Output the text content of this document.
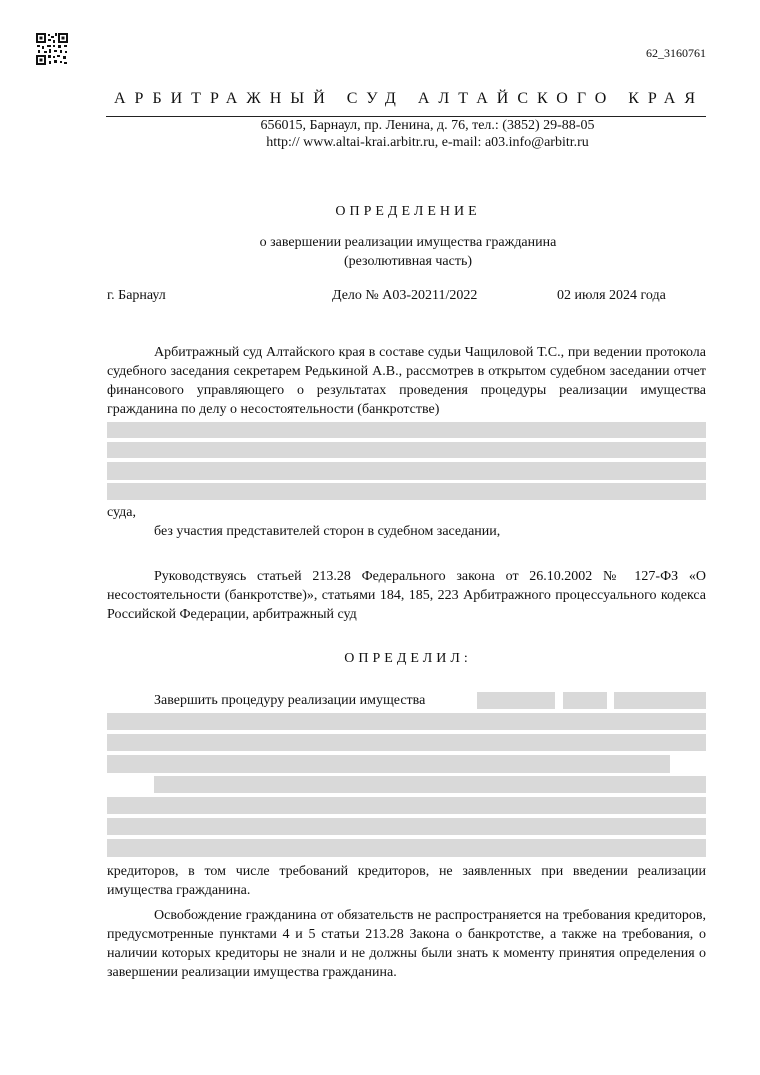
62_3160761
АРБИТРАЖНЫЙ СУД АЛТАЙСКОГО КРАЯ
656015, Барнаул, пр. Ленина, д. 76, тел.: (3852) 29-88-05
http:// www.altai-krai.arbitr.ru, e-mail: a03.info@arbitr.ru
ОПРЕДЕЛЕНИЕ
о завершении реализации имущества гражданина
(резолютивная часть)
г. Барнаул	Дело № А03-20211/2022	02 июля 2024 года
Арбитражный суд Алтайского края в составе судьи Чащиловой Т.С., при ведении протокола судебного заседания секретарем Редькиной А.В., рассмотрев в открытом судебном заседании отчет финансового управляющего о результатах проведения процедуры реализации имущества гражданина по делу о несостоятельности (банкротстве)
суда,
без участия представителей сторон в судебном заседании,
Руководствуясь статьей 213.28 Федерального закона от 26.10.2002 № 127-ФЗ «О несостоятельности (банкротстве)», статьями 184, 185, 223 Арбитражного процессуального кодекса Российской Федерации, арбитражный суд
ОПРЕДЕЛИЛ:
Завершить процедуру реализации имущества
кредиторов, в том числе требований кредиторов, не заявленных при введении реализации имущества гражданина.
Освобождение гражданина от обязательств не распространяется на требования кредиторов, предусмотренные пунктами 4 и 5 статьи 213.28 Закона о банкротстве, а также на требования, о наличии которых кредиторы не знали и не должны были знать к моменту принятия определения о завершении реализации имущества гражданина.
